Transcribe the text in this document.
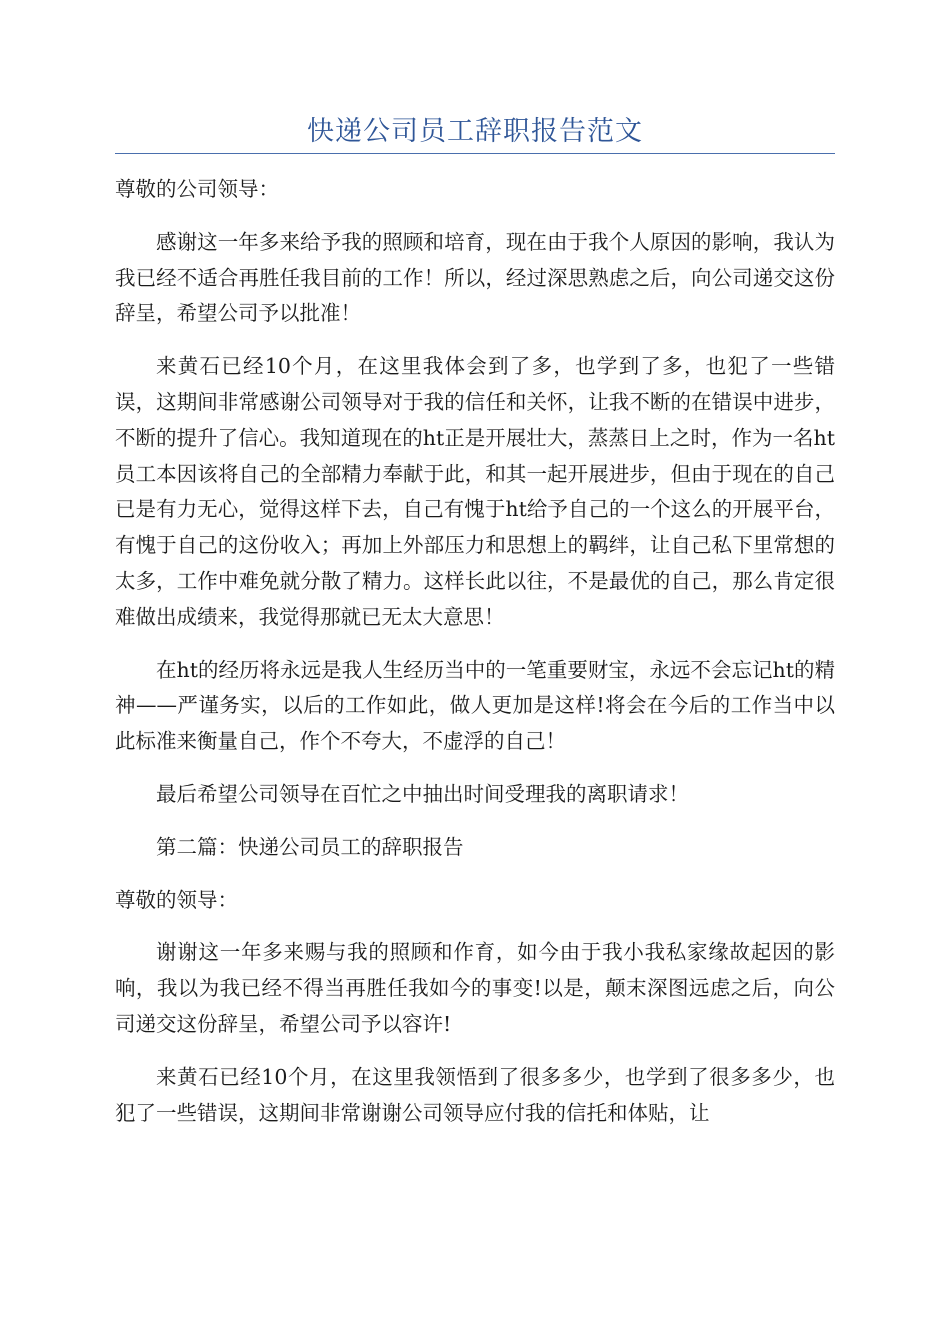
快递公司员工辞职报告范文

尊敬的公司领导：

感谢这一年多来给予我的照顾和培育，现在由于我个人原因的影响，我认为我已经不适合再胜任我目前的工作！所以，经过深思熟虑之后，向公司递交这份辞呈，希望公司予以批准！

来黄石已经10个月，在这里我体会到了多，也学到了多，也犯了一些错误，这期间非常感谢公司领导对于我的信任和关怀，让我不断的在错误中进步，不断的提升了信心。我知道现在的ht正是开展壮大，蒸蒸日上之时，作为一名ht员工本因该将自己的全部精力奉献于此，和其一起开展进步，但由于现在的自己已是有力无心，觉得这样下去，自己有愧于ht给予自己的一个这么的开展平台，有愧于自己的这份收入；再加上外部压力和思想上的羁绊，让自己私下里常想的太多，工作中难免就分散了精力。这样长此以往，不是最优的自己，那么肯定很难做出成绩来，我觉得那就已无太大意思！

在ht的经历将永远是我人生经历当中的一笔重要财宝，永远不会忘记ht的精神——严谨务实，以后的工作如此，做人更加是这样!将会在今后的工作当中以此标准来衡量自己，作个不夸大，不虚浮的自己！

最后希望公司领导在百忙之中抽出时间受理我的离职请求！

第二篇：快递公司员工的辞职报告

尊敬的领导：

谢谢这一年多来赐与我的照顾和作育，如今由于我小我私家缘故起因的影响，我以为我已经不得当再胜任我如今的事变!以是，颠末深图远虑之后，向公司递交这份辞呈，希望公司予以容许!

来黄石已经10个月，在这里我领悟到了很多多少，也学到了很多多少，也犯了一些错误，这期间非常谢谢公司领导应付我的信托和体贴，让
